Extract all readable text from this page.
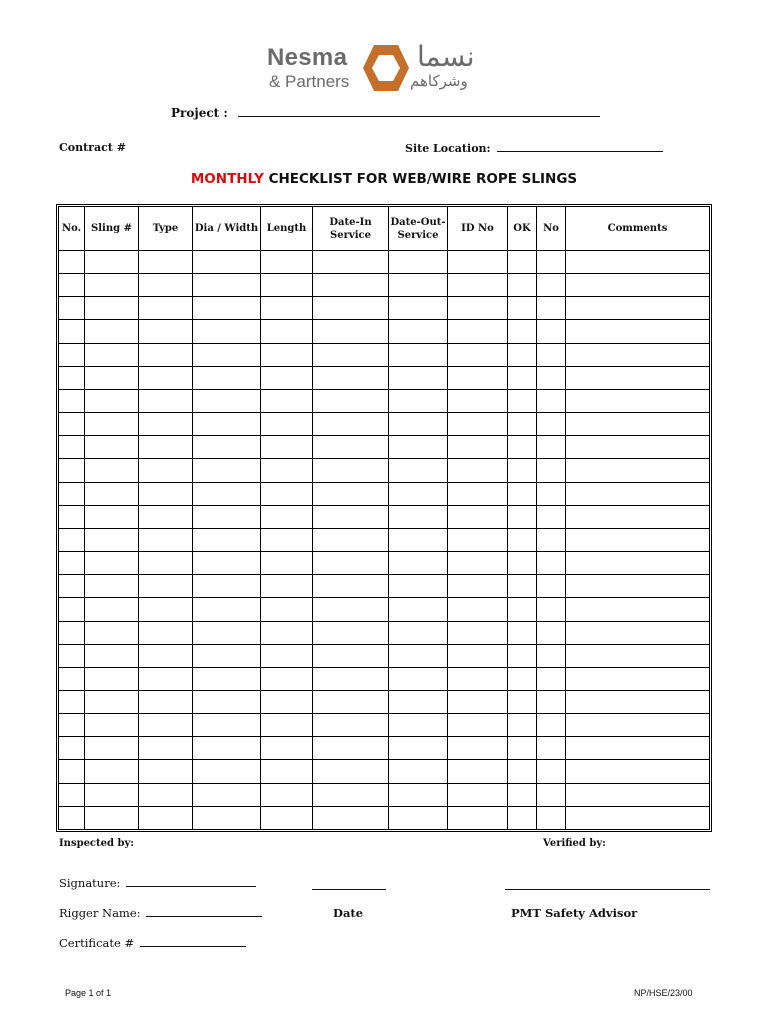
Nesma
& Partners
نسما
وشركاهم
Project :
Contract #	Site Location:
MONTHLY CHECKLIST FOR WEB/WIRE ROPE SLINGS
No.	Sling #	Type	Dia / Width	Length	Date-In Service	Date-Out-Service	ID No	OK	No	Comments

Inspected by:	Verified by:
Signature:
Rigger Name:
Certificate #
Date	PMT Safety Advisor
Page 1 of 1	NP/HSE/23/00
